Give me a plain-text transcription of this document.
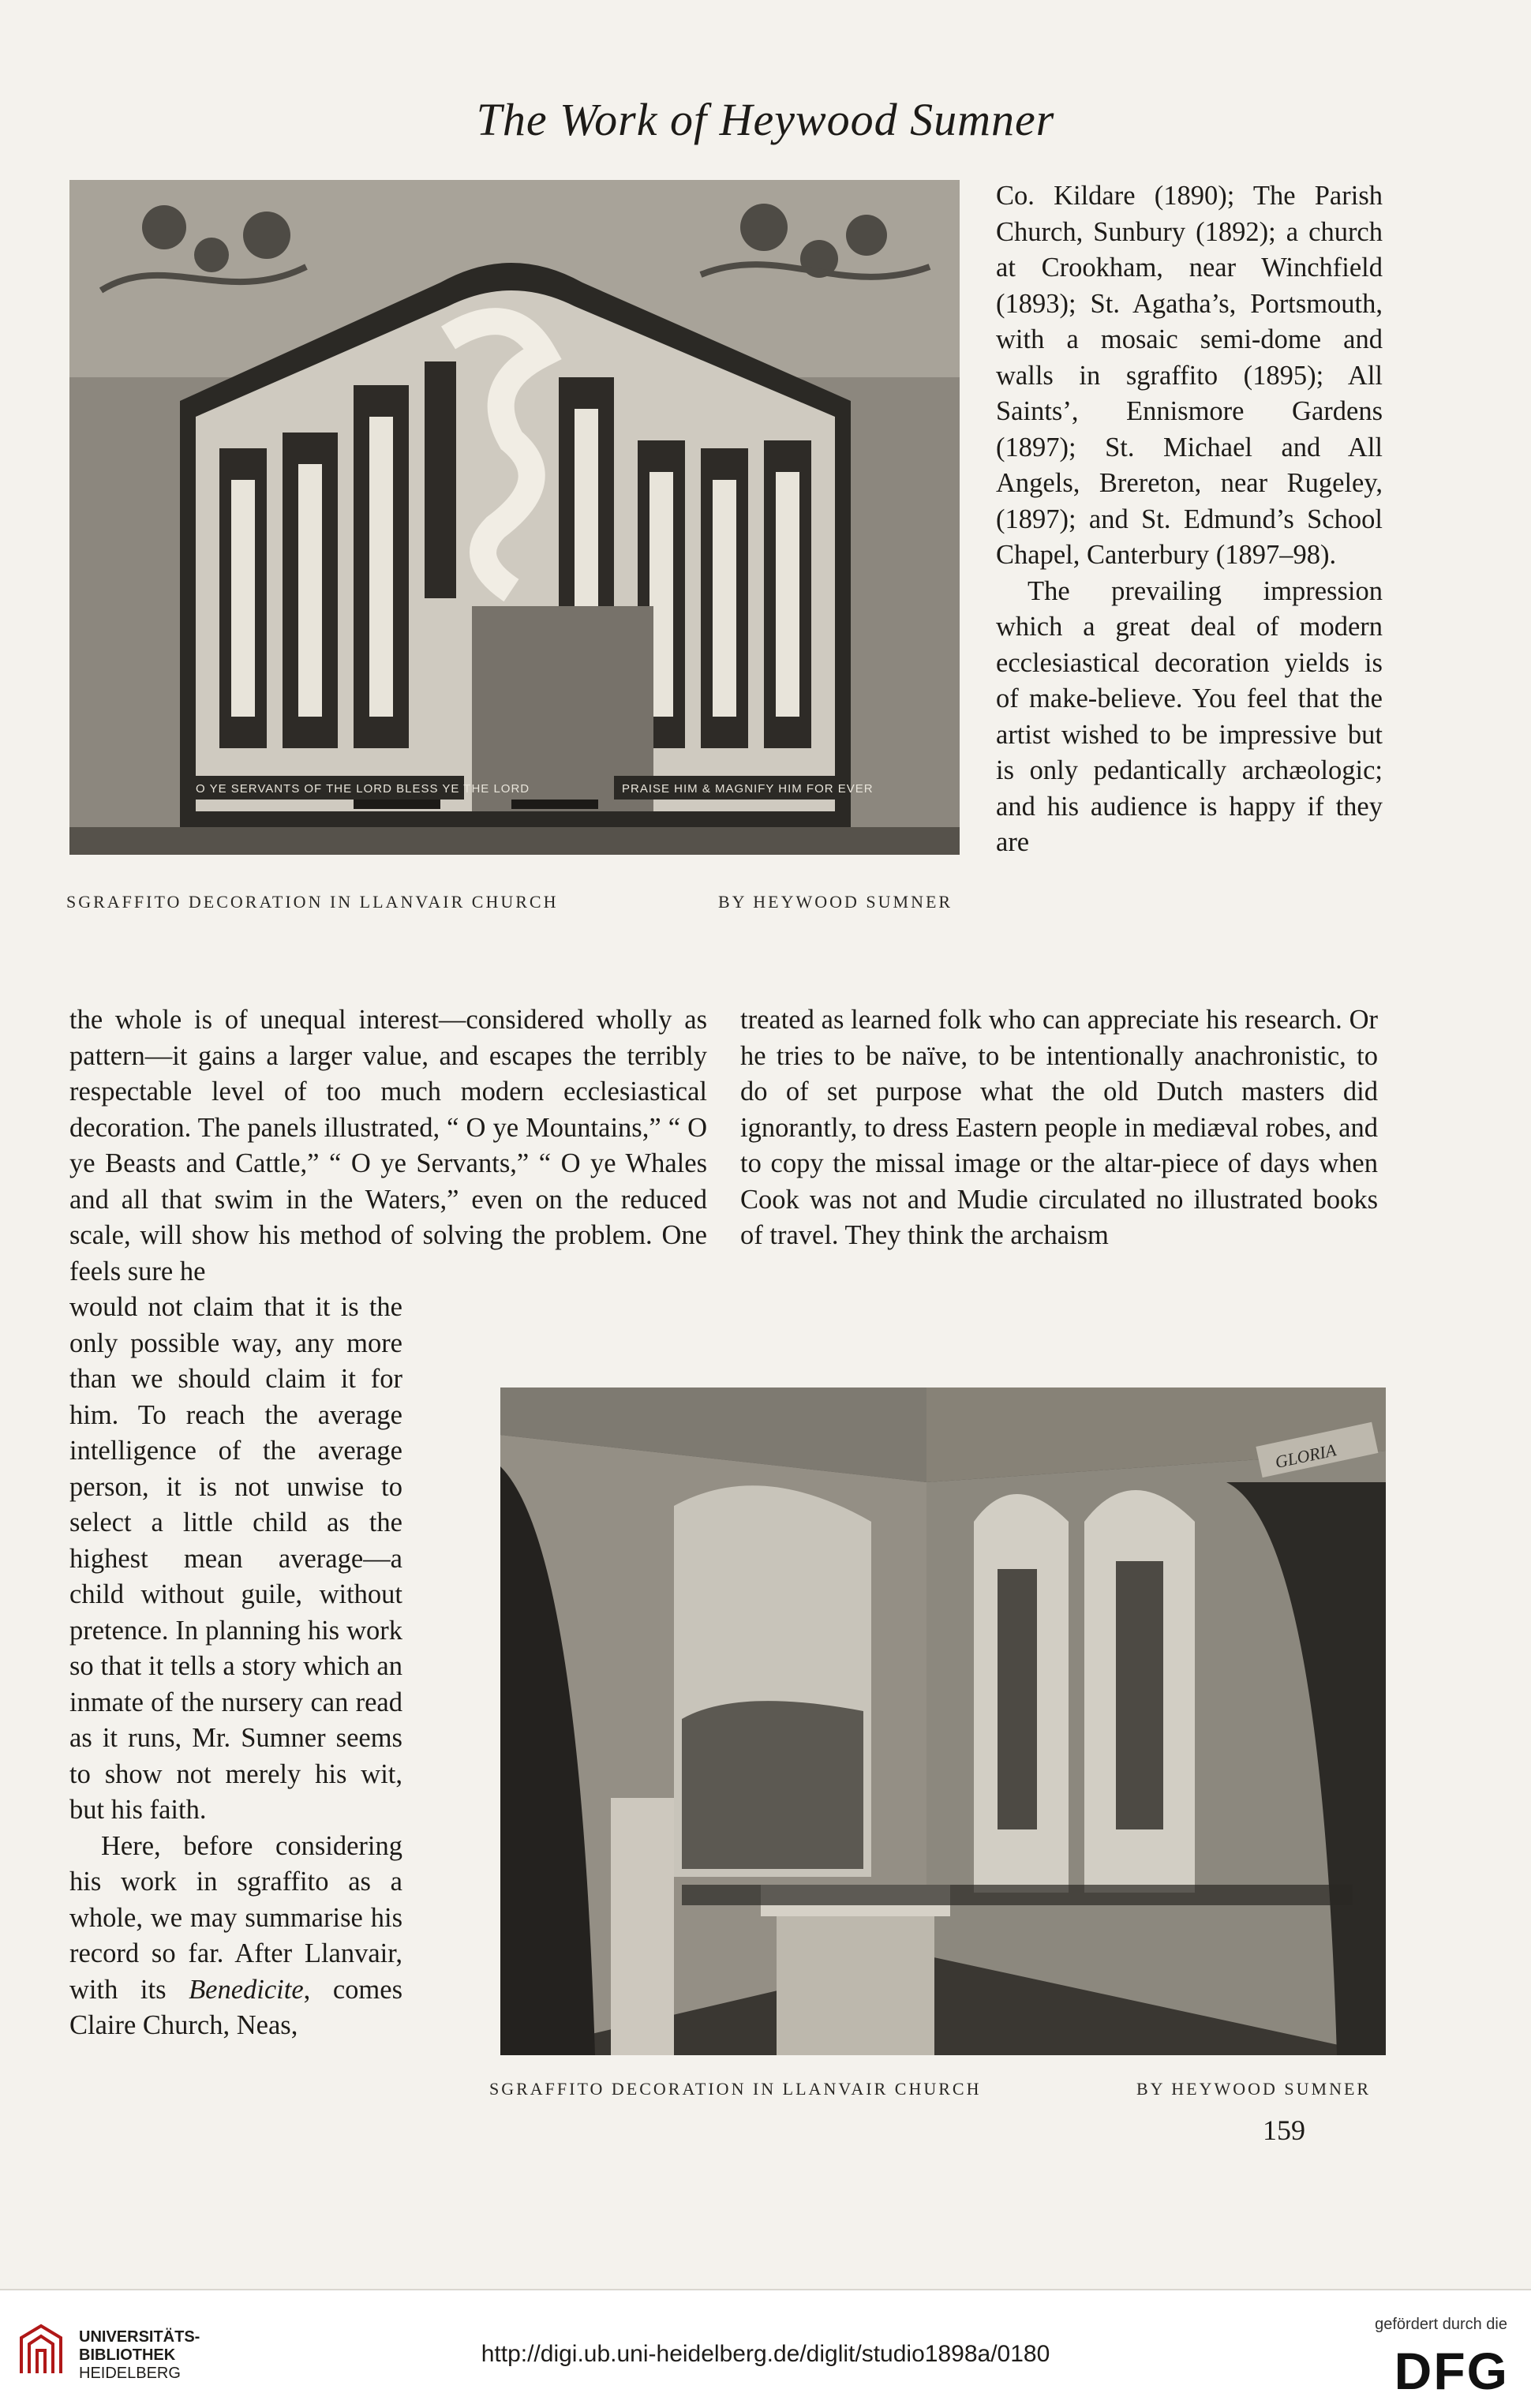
The Work of Heywood Sumner
O YE SERVANTS OF THE LORD BLESS YE THE LORD	PRAISE HIM & MAGNIFY HIM FOR EVER
SGRAFFITO DECORATION IN LLANVAIR CHURCH	BY HEYWOOD SUMNER

Co. Kildare (1890); The Parish Church, Sunbury (1892); a church at Crookham, near Winchfield (1893); St. Agatha’s, Portsmouth, with a mosaic semi-dome and walls in sgraffito (1895); All Saints’, Ennismore Gardens (1897); St. Michael and All Angels, Brereton, near Rugeley, (1897); and St. Edmund’s School Chapel, Canterbury (1897–98).

The prevailing impression which a great deal of modern ecclesiastical decoration yields is of make-believe. You feel that the artist wished to be impressive but is only pedantically archæologic; and his audience is happy if they are

the whole is of unequal interest—considered wholly as pattern—it gains a larger value, and escapes the terribly respectable level of too much modern ecclesiastical decoration. The panels illustrated, “ O ye Mountains,” “ O ye Beasts and Cattle,” “ O ye Servants,” “ O ye Whales and all that swim in the Waters,” even on the reduced scale, will show his method of solving the problem. One feels sure he
treated as learned folk who can appreciate his research. Or he tries to be naïve, to be intentionally anachronistic, to do of set purpose what the old Dutch masters did ignorantly, to dress Eastern people in mediæval robes, and to copy the missal image or the altar-piece of days when Cook was not and Mudie circulated no illustrated books of travel. They think the archaism

would not claim that it is the only possible way, any more than we should claim it for him. To reach the average intelligence of the average person, it is not unwise to select a little child as the highest mean average—a child without guile, without pretence. In planning his work so that it tells a story which an inmate of the nursery can read as it runs, Mr. Sumner seems to show not merely his wit, but his faith.

Here, before considering his work in sgraffito as a whole, we may summarise his record so far. After Llanvair, with its Benedicite, comes Claire Church, Neas,

GLORIA
SGRAFFITO DECORATION IN LLANVAIR CHURCH	BY HEYWOOD SUMNER
159
UNIVERSITÄTS-
BIBLIOTHEK
HEIDELBERG
http://digi.ub.uni-heidelberg.de/diglit/studio1898a/0180
gefördert durch die
DFG
